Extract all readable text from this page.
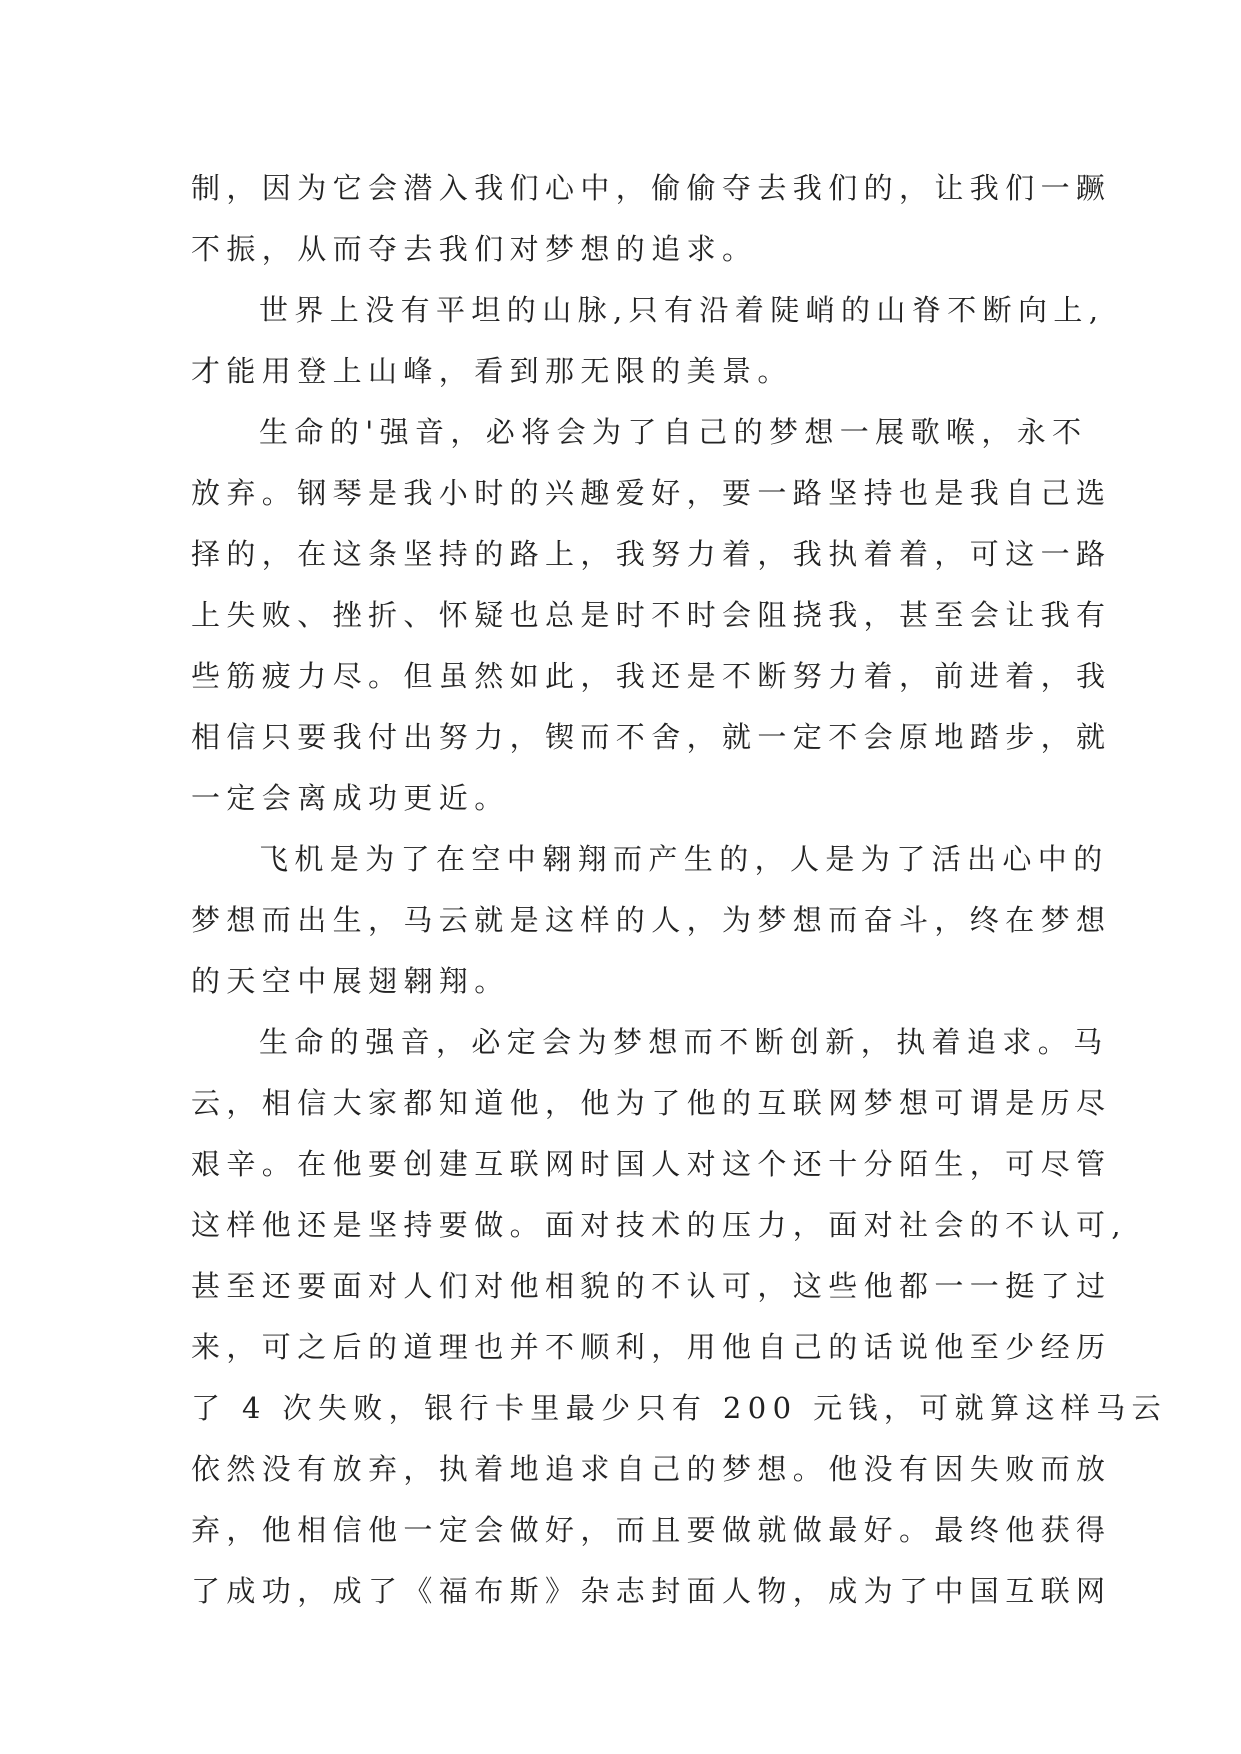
制，因为它会潜入我们心中，偷偷夺去我们的，让我们一蹶
不振，从而夺去我们对梦想的追求。
世界上没有平坦的山脉,只有沿着陡峭的山脊不断向上,
才能用登上山峰，看到那无限的美景。
生命的'强音，必将会为了自己的梦想一展歌喉，永不
放弃。钢琴是我小时的兴趣爱好，要一路坚持也是我自己选
择的，在这条坚持的路上，我努力着，我执着着，可这一路
上失败、挫折、怀疑也总是时不时会阻挠我，甚至会让我有
些筋疲力尽。但虽然如此，我还是不断努力着，前进着，我
相信只要我付出努力，锲而不舍，就一定不会原地踏步，就
一定会离成功更近。
飞机是为了在空中翱翔而产生的，人是为了活出心中的
梦想而出生，马云就是这样的人，为梦想而奋斗，终在梦想
的天空中展翅翱翔。
生命的强音，必定会为梦想而不断创新，执着追求。马
云，相信大家都知道他，他为了他的互联网梦想可谓是历尽
艰辛。在他要创建互联网时国人对这个还十分陌生，可尽管
这样他还是坚持要做。面对技术的压力，面对社会的不认可,
甚至还要面对人们对他相貌的不认可，这些他都一一挺了过
来，可之后的道理也并不顺利，用他自己的话说他至少经历
了 4 次失败，银行卡里最少只有 200 元钱，可就算这样马云
依然没有放弃，执着地追求自己的梦想。他没有因失败而放
弃，他相信他一定会做好，而且要做就做最好。最终他获得
了成功，成了《福布斯》杂志封面人物，成为了中国互联网
